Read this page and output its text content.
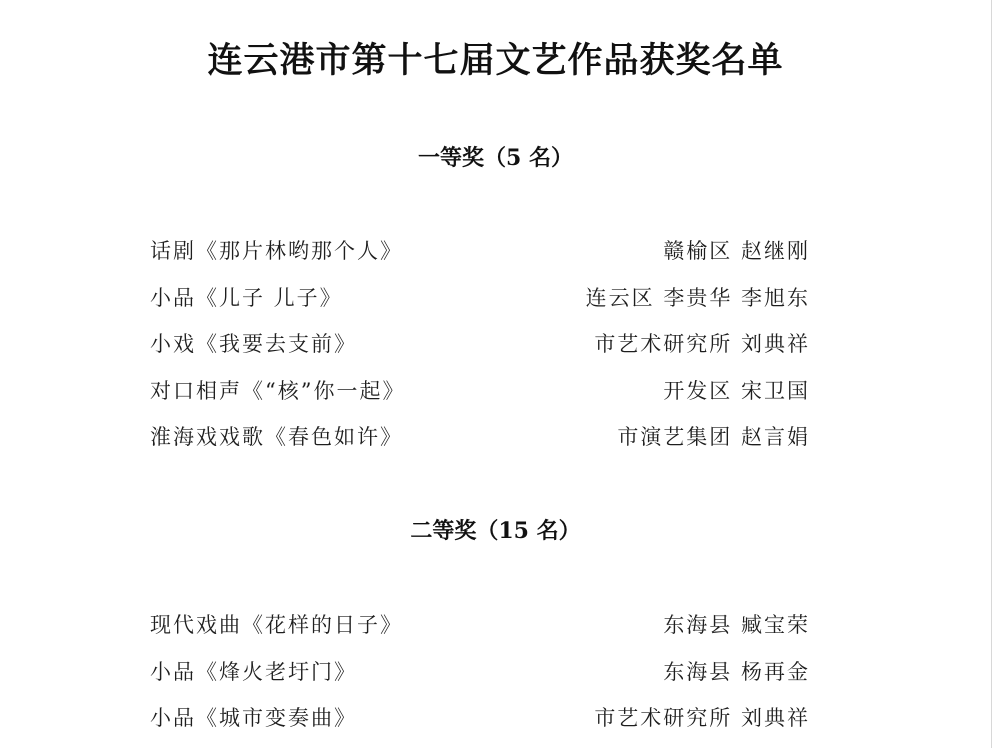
连云港市第十七届文艺作品获奖名单
一等奖（5 名）
话剧《那片林哟那个人》	赣榆区 赵继刚
小品《儿子 儿子》	连云区 李贵华 李旭东
小戏《我要去支前》	市艺术研究所 刘典祥
对口相声《“核”你一起》	开发区 宋卫国
淮海戏戏歌《春色如许》	市演艺集团 赵言娟
二等奖（15 名）
现代戏曲《花样的日子》	东海县 臧宝荣
小品《烽火老圩门》	东海县 杨再金
小品《城市变奏曲》	市艺术研究所 刘典祥
